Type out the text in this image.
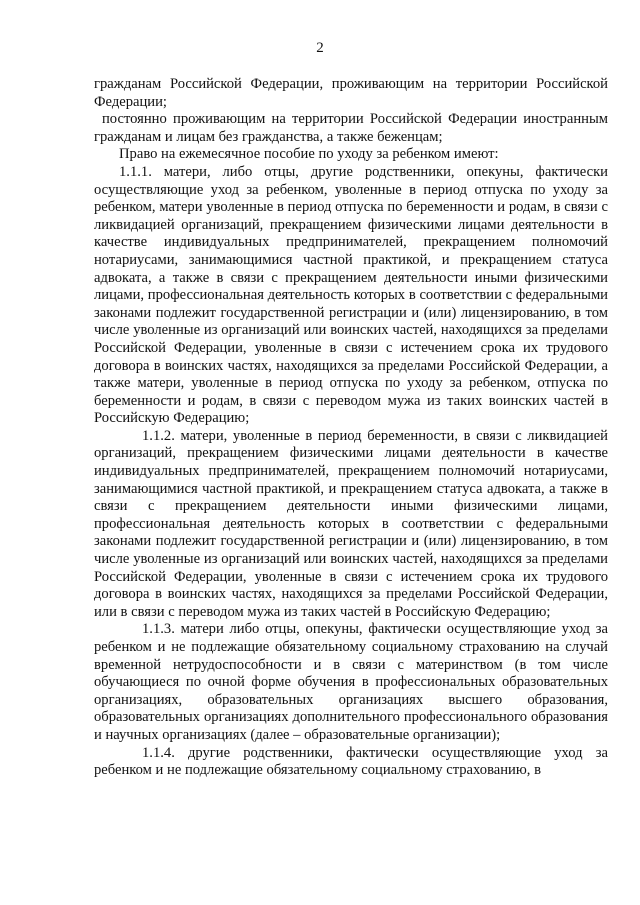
2

гражданам Российской Федерации, проживающим на территории Российской Федерации;

постоянно проживающим на территории Российской Федерации иностранным гражданам и лицам без гражданства, а также беженцам;

Право на ежемесячное пособие по уходу за ребенком имеют:

1.1.1. матери, либо отцы, другие родственники, опекуны, фактически осуществляющие уход за ребенком, уволенные в период отпуска по уходу за ребенком, матери уволенные в период отпуска по беременности и родам, в связи с ликвидацией организаций, прекращением физическими лицами деятельности в качестве индивидуальных предпринимателей, прекращением полномочий нотариусами, занимающимися частной практикой, и прекращением статуса адвоката, а также в связи с прекращением деятельности иными физическими лицами, профессиональная деятельность которых в соответствии с федеральными законами подлежит государственной регистрации и (или) лицензированию, в том числе уволенные из организаций или воинских частей, находящихся за пределами Российской Федерации, уволенные в связи с истечением срока их трудового договора в воинских частях, находящихся за пределами Российской Федерации, а также матери, уволенные в период отпуска по уходу за ребенком, отпуска по беременности и родам, в связи с переводом мужа из таких воинских частей в Российскую Федерацию;

1.1.2. матери, уволенные в период беременности, в связи с ликвидацией организаций, прекращением физическими лицами деятельности в качестве индивидуальных предпринимателей, прекращением полномочий нотариусами, занимающимися частной практикой, и прекращением статуса адвоката, а также в связи с прекращением деятельности иными физическими лицами, профессиональная деятельность которых в соответствии с федеральными законами подлежит государственной регистрации и (или) лицензированию, в том числе уволенные из организаций или воинских частей, находящихся за пределами Российской Федерации, уволенные в связи с истечением срока их трудового договора в воинских частях, находящихся за пределами Российской Федерации, или в связи с переводом мужа из таких частей в Российскую Федерацию;

1.1.3. матери либо отцы, опекуны, фактически осуществляющие уход за ребенком и не подлежащие обязательному социальному страхованию на случай временной нетрудоспособности и в связи с материнством (в том числе обучающиеся по очной форме обучения в профессиональных образовательных организациях, образовательных организациях высшего образования, образовательных организациях дополнительного профессионального образования и научных организациях (далее – образовательные организации);

1.1.4. другие родственники, фактически осуществляющие уход за ребенком и не подлежащие обязательному социальному страхованию, в
